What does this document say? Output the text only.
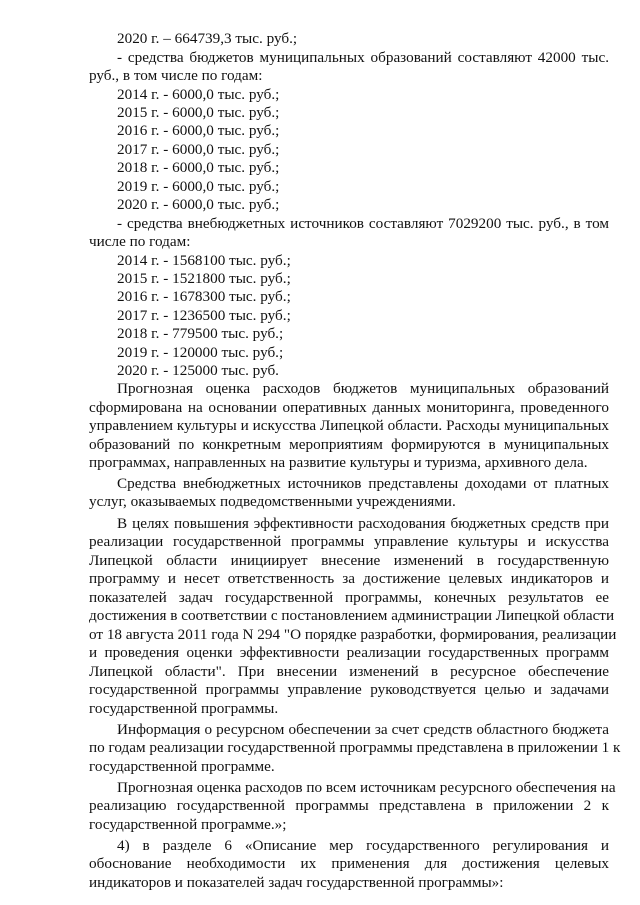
2020 г. – 664739,3 тыс. руб.;
- средства бюджетов муниципальных образований составляют 42000 тыс.
руб., в том числе по годам:
2014 г. - 6000,0 тыс. руб.;
2015 г. - 6000,0 тыс. руб.;
2016 г. - 6000,0 тыс. руб.;
2017 г. - 6000,0 тыс. руб.;
2018 г. - 6000,0 тыс. руб.;
2019 г. - 6000,0 тыс. руб.;
2020 г. - 6000,0 тыс. руб.;
- средства внебюджетных источников составляют 7029200 тыс. руб., в том
числе по годам:
2014 г. - 1568100 тыс. руб.;
2015 г. - 1521800 тыс. руб.;
2016 г. - 1678300 тыс. руб.;
2017 г. - 1236500 тыс. руб.;
2018 г. - 779500 тыс. руб.;
2019 г. - 120000 тыс. руб.;
2020 г. - 125000 тыс. руб.
Прогнозная оценка расходов бюджетов муниципальных образований
сформирована на основании оперативных данных мониторинга, проведенного
управлением культуры и искусства Липецкой области. Расходы муниципальных
образований по конкретным мероприятиям формируются в муниципальных
программах, направленных на развитие культуры и туризма, архивного дела.
Средства внебюджетных источников представлены доходами от платных
услуг, оказываемых подведомственными учреждениями.
В целях повышения эффективности расходования бюджетных средств при
реализации государственной программы управление культуры и искусства
Липецкой области инициирует внесение изменений в государственную
программу и несет ответственность за достижение целевых индикаторов и
показателей задач государственной программы, конечных результатов ее
достижения в соответствии с постановлением администрации Липецкой области
от 18 августа 2011 года N 294 "О порядке разработки, формирования, реализации
и проведения оценки эффективности реализации государственных программ
Липецкой области". При внесении изменений в ресурсное обеспечение
государственной программы управление руководствуется целью и задачами
государственной программы.
Информация о ресурсном обеспечении за счет средств областного бюджета
по годам реализации государственной программы представлена в приложении 1 к
государственной программе.
Прогнозная оценка расходов по всем источникам ресурсного обеспечения на
реализацию государственной программы представлена в приложении 2 к
государственной программе.»;
4) в разделе 6 «Описание мер государственного регулирования и
обоснование необходимости их применения для достижения целевых
индикаторов и показателей задач государственной программы»:
